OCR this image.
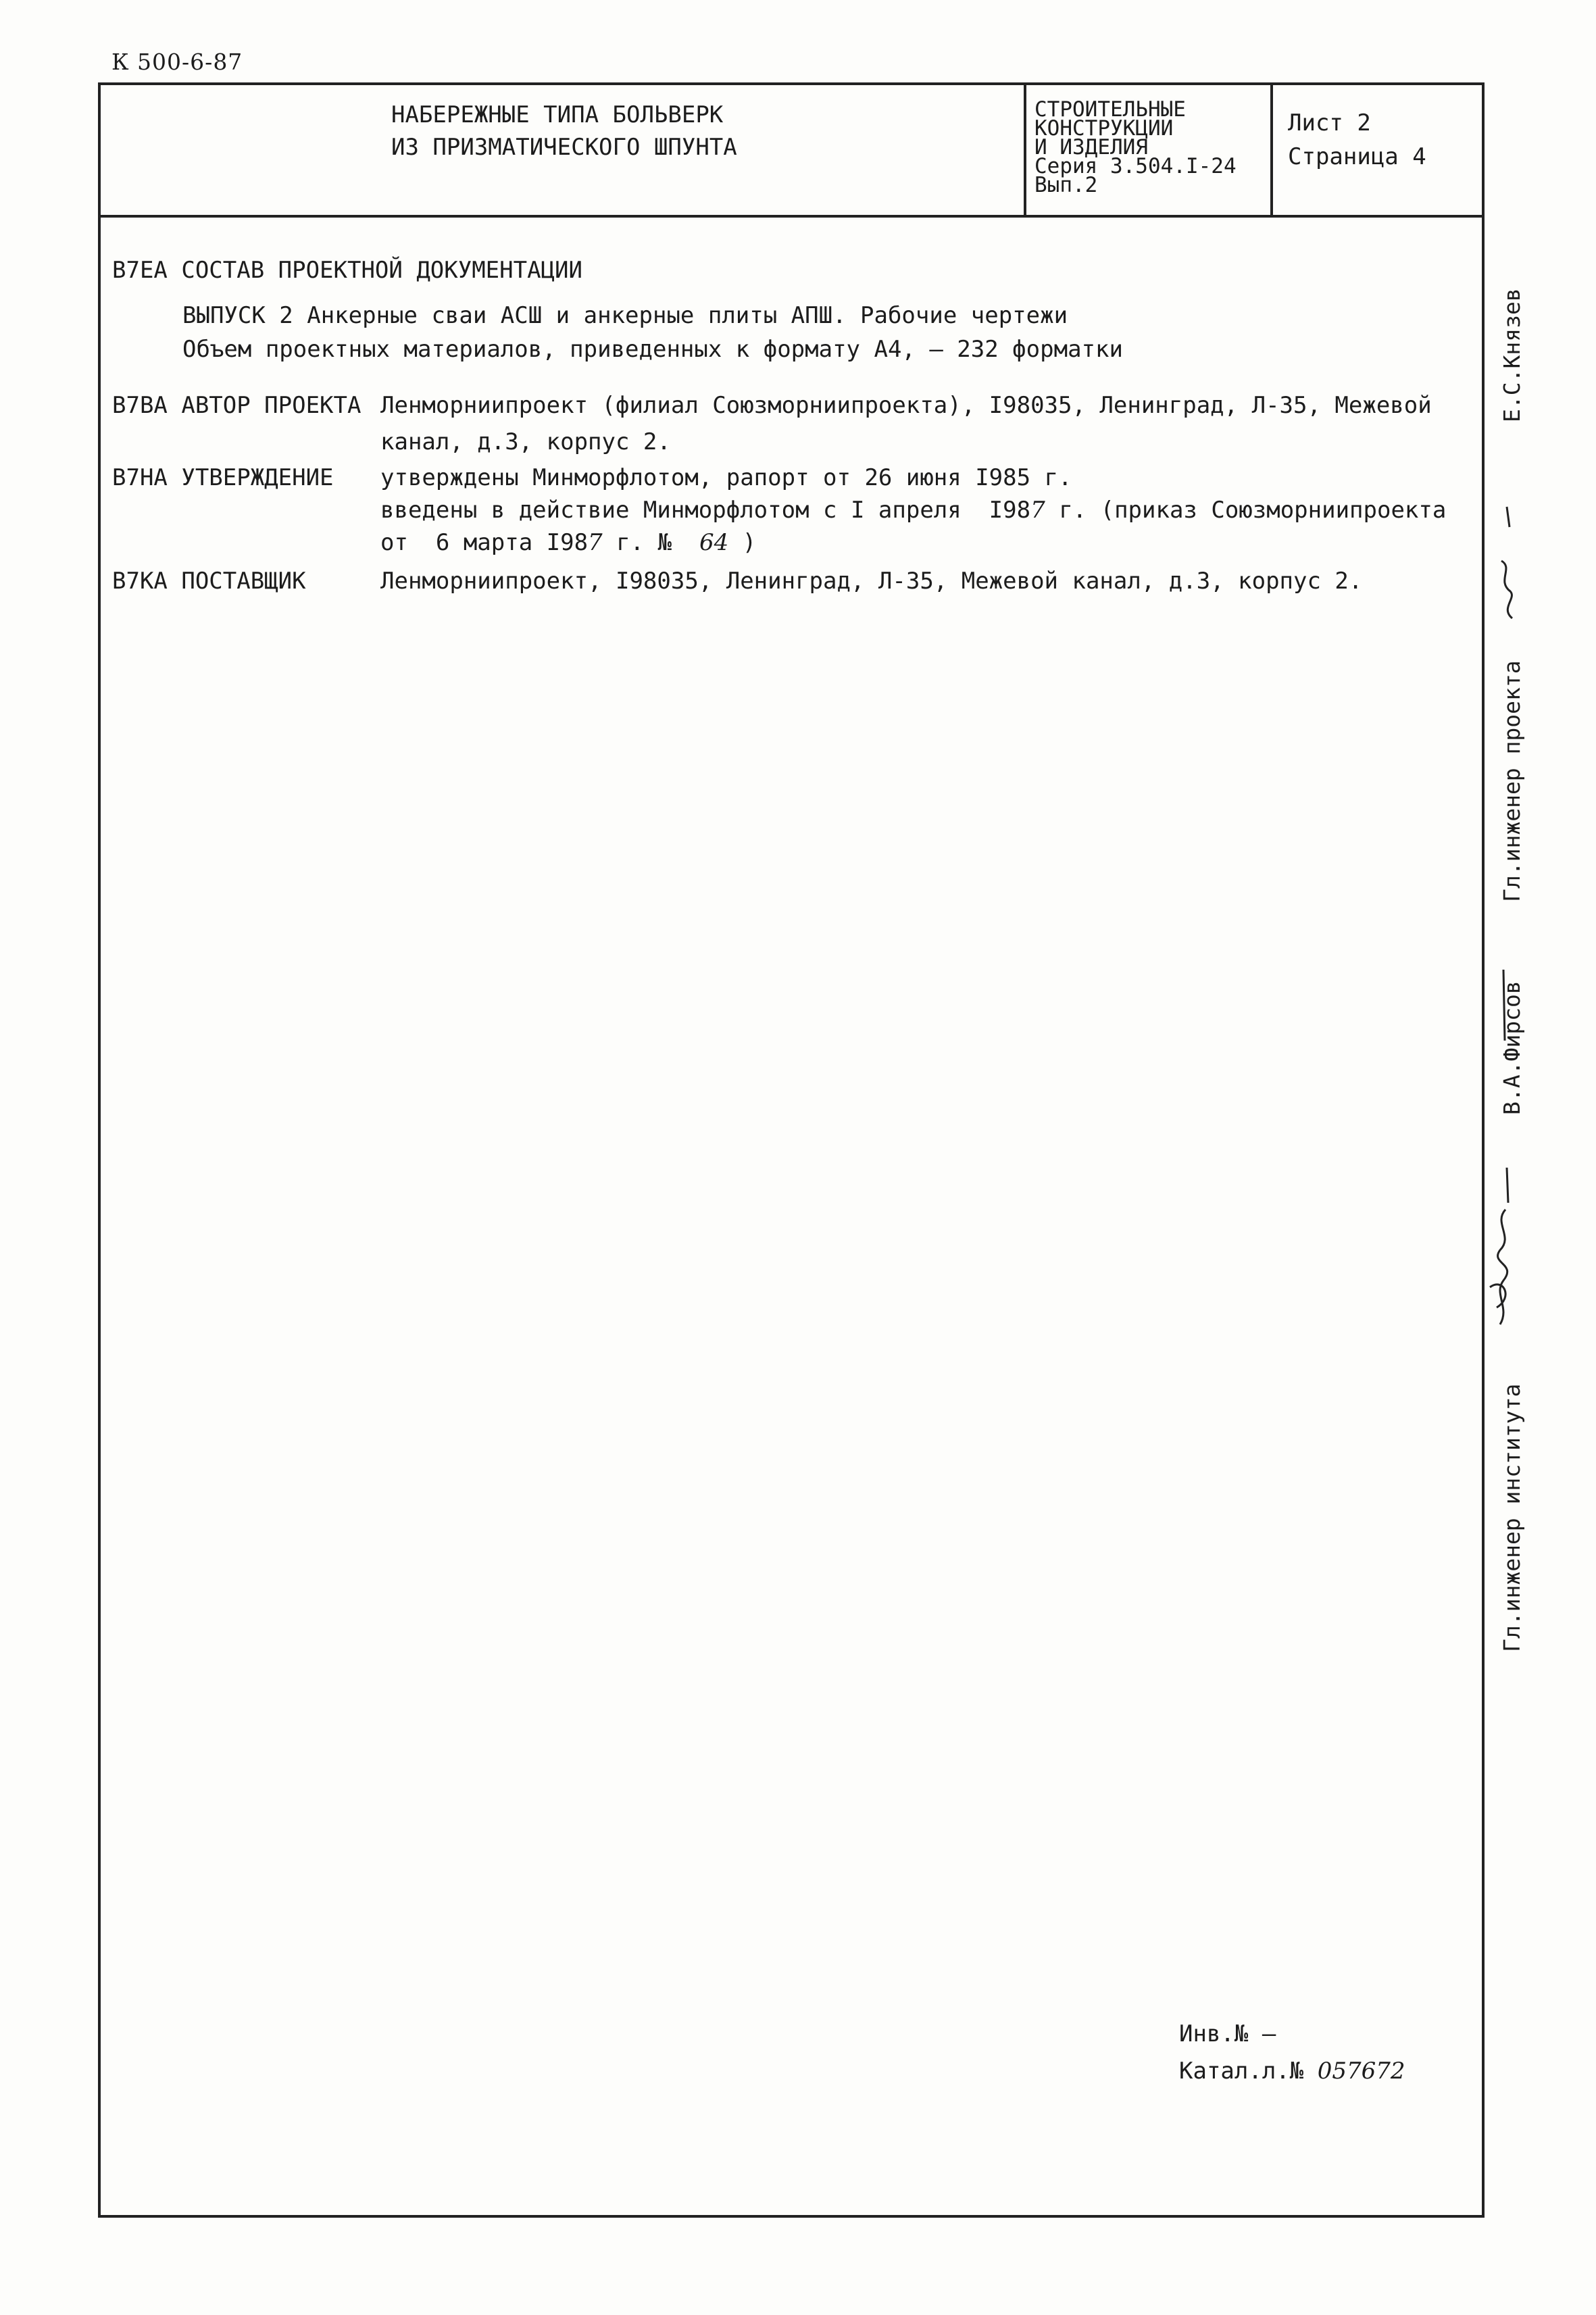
К 500-6-87
НАБЕРЕЖНЫЕ ТИПА БОЛЬВЕРК
ИЗ ПРИЗМАТИЧЕСКОГО ШПУНТА
СТРОИТЕЛЬНЫЕ
КОНСТРУКЦИИ
И ИЗДЕЛИЯ
Серия 3.504.I-24
Вып.2
Лист 2
Страница 4
В7ЕА СОСТАВ ПРОЕКТНОЙ ДОКУМЕНТАЦИИ
ВЫПУСК 2 Анкерные сваи АСШ и анкерные плиты АПШ. Рабочие чертежи
Объем проектных материалов, приведенных к формату А4, – 232 форматки
В7ВА АВТОР ПРОЕКТА Ленморниипроект (филиал Союзморниипроекта), I98035, Ленинград, Л-35, Межевой
канал, д.3, корпус 2.
В7НА УТВЕРЖДЕНИЕ утверждены Минморфлотом, рапорт от 26 июня I985 г.
введены в действие Минморфлотом с I апреля  I987 г. (приказ Союзморниипроекта
от  6 марта I987 г. №  64 )
В7КА ПОСТАВЩИК	Ленморниипроект, I98035, Ленинград, Л-35, Межевой канал, д.3, корпус 2.
Инв.№ —
Катал.л.№ 057672
Гл.инженер института
В.А.Фирсов
Гл.инженер проекта
Е.С.Князев
